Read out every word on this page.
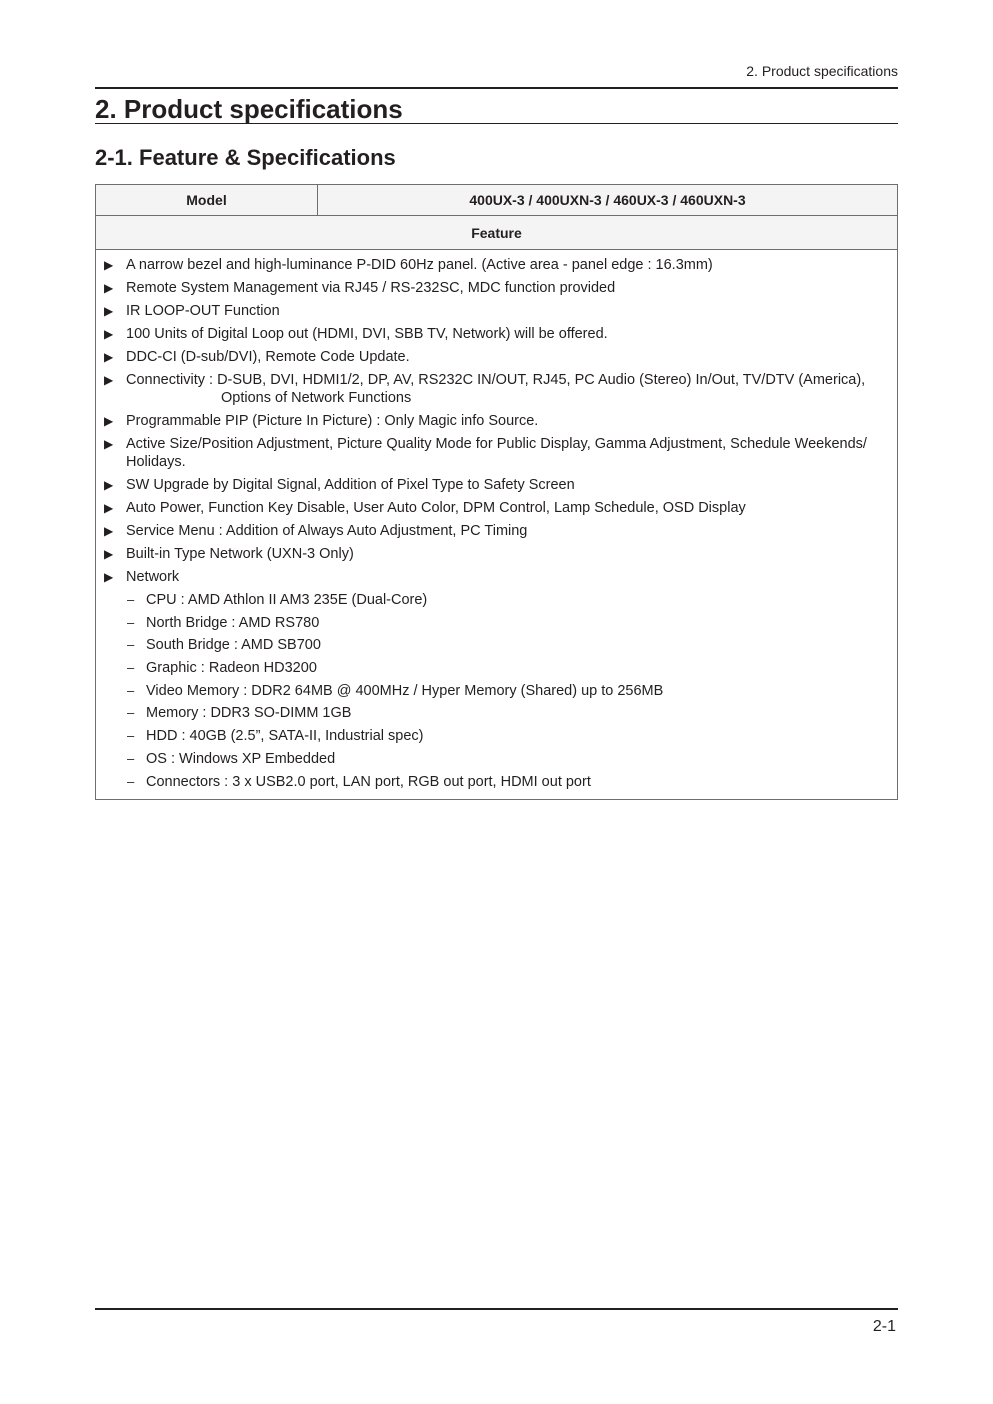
2. Product specifications
2. Product specifications
2-1. Feature & Specifications
Model	400UX-3 / 400UXN-3 / 460UX-3 / 460UXN-3
Feature
▶ A narrow bezel and high-luminance P-DID 60Hz panel. (Active area - panel edge : 16.3mm)
▶ Remote System Management via RJ45 / RS-232SC, MDC function provided
▶ IR LOOP-OUT Function
▶ 100 Units of Digital Loop out (HDMI, DVI, SBB TV, Network) will be offered.
▶ DDC-CI (D-sub/DVI), Remote Code Update.
▶ Connectivity : D-SUB, DVI, HDMI1/2, DP, AV, RS232C IN/OUT, RJ45, PC Audio (Stereo) In/Out, TV/DTV (America),
Options of Network Functions
▶ Programmable PIP (Picture In Picture) : Only Magic info Source.
▶ Active Size/Position Adjustment, Picture Quality Mode for Public Display, Gamma Adjustment, Schedule Weekends/ Holidays.
▶ SW Upgrade by Digital Signal, Addition of Pixel Type to Safety Screen
▶ Auto Power, Function Key Disable, User Auto Color, DPM Control, Lamp Schedule, OSD Display
▶ Service Menu : Addition of Always Auto Adjustment, PC Timing
▶ Built-in Type Network (UXN-3 Only)
▶ Network
– CPU : AMD Athlon II AM3 235E (Dual-Core)
– North Bridge : AMD RS780
– South Bridge : AMD SB700
– Graphic : Radeon HD3200
– Video Memory : DDR2 64MB @ 400MHz / Hyper Memory (Shared) up to 256MB
– Memory : DDR3 SO-DIMM 1GB
– HDD : 40GB (2.5”, SATA-II, Industrial spec)
– OS : Windows XP Embedded
– Connectors : 3 x USB2.0 port, LAN port, RGB out port, HDMI out port
2-1
